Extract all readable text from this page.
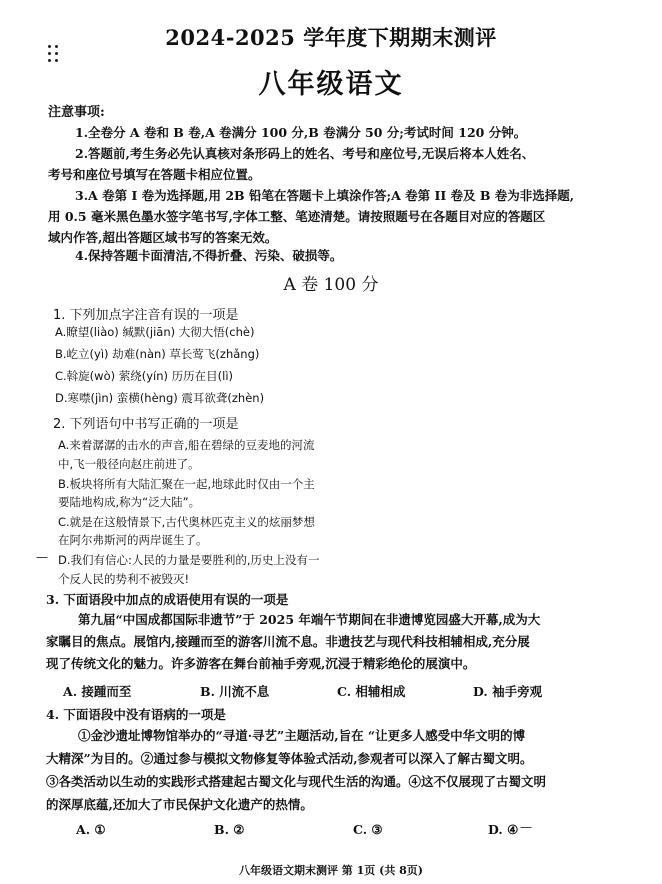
2024-2025 学年度下期期末测评
八年级语文
注意事项:
1.全卷分 A 卷和 B 卷,A 卷满分 100 分,B 卷满分 50 分;考试时间 120 分钟。
2.答题前,考生务必先认真核对条形码上的姓名、考号和座位号,无误后将本人姓名、
考号和座位号填写在答题卡相应位置。
3.A 卷第 I 卷为选择题,用 2B 铅笔在答题卡上填涂作答;A 卷第 II 卷及 B 卷为非选择题,
用 0.5 毫米黑色墨水签字笔书写,字体工整、笔迹清楚。请按照题号在各题目对应的答题区
域内作答,超出答题区域书写的答案无效。
4.保持答题卡面清洁,不得折叠、污染、破损等。
A 卷 100 分
1. 下列加点字注音有误的一项是
A.瞭望(liào) 缄默(jiān) 大彻大悟(chè)
B.屹立(yì) 劫难(nàn) 草长莺飞(zhǎng)
C.斡旋(wò) 萦绕(yín) 历历在目(lì)
D.寒噤(jìn) 蛮横(hèng) 震耳欲聋(zhèn)
2. 下列语句中书写正确的一项是
A.来着潺潺的击水的声音,船在碧绿的豆麦地的河流
中,飞一般径向赵庄前进了。
B.板块将所有大陆汇聚在一起,地球此时仅由一个主
要陆地构成,称为“泛大陆”。
C.就是在这般情景下,古代奥林匹克主义的炫丽梦想
在阿尔弗斯河的两岸诞生了。
— D.我们有信心:人民的力量是要胜利的,历史上没有一
个反人民的势利不被毁灭!
3. 下面语段中加点的成语使用有误的一项是
第九届“中国成都国际非遗节”于 2025 年端午节期间在非遗博览园盛大开幕,成为大
家瞩目的焦点。展馆内,接踵而至的游客川流不息。非遗技艺与现代科技相辅相成,充分展
现了传统文化的魅力。许多游客在舞台前袖手旁观,沉浸于精彩绝伦的展演中。
A. 接踵而至	B. 川流不息	C. 相辅相成	D. 袖手旁观
4. 下面语段中没有语病的一项是
①金沙遗址博物馆举办的“寻道·寻艺”主题活动,旨在 “让更多人感受中华文明的博
大精深”为目的。②通过参与模拟文物修复等体验式活动,参观者可以深入了解古蜀文明。
③各类活动以生动的实践形式搭建起古蜀文化与现代生活的沟通。④这不仅展现了古蜀文明
的深厚底蕴,还加大了市民保护文化遗产的热情。
A. ①	B. ②	C. ③	D. ④ —
八年级语文期末测评 第 1页 (共 8页)
